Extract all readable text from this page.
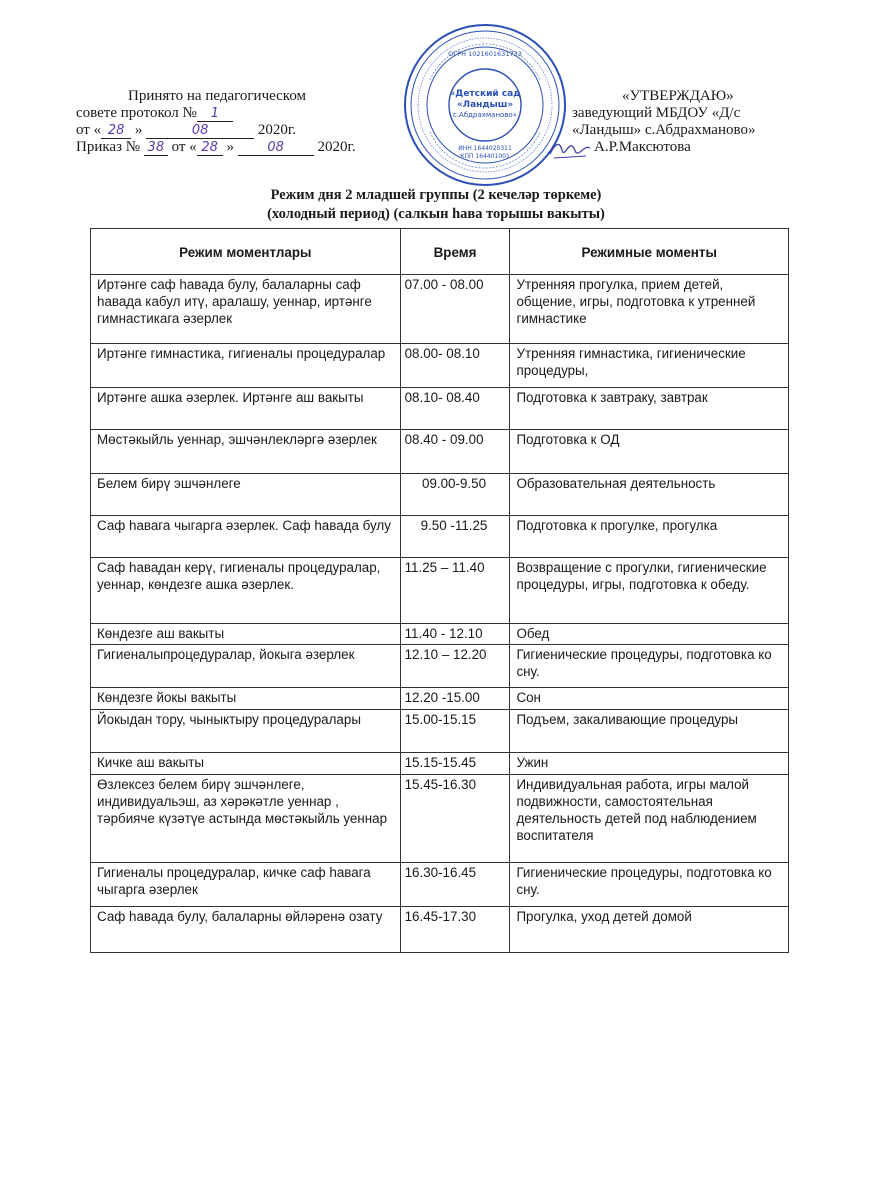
Принято на педагогическом
совете протокол № 1
от « 28 »	08	2020г.
Приказ № 38 от « 28 »	08 2020г.
ОГРН 1021601631733
«Детский сад
«Ландыш»
с.Абдрахманово»
ИНН 1644020311
КПП 164401001
«УТВЕРЖДАЮ»
заведующий МБДОУ «Д/с
«Ландыш» с.Абдрахманово»
А.Р.Максютова
Режим дня 2 младшей группы (2 кечеләр төркеме)
(холодный период) (салкын һава торышы вакыты)
Режим моментлары	Время	Режимные моменты
Иртәнге саф һавада булу, балаларны саф һавада кабул итү, аралашу, уеннар, иртәнге гимнастикага әзерлек	07.00 - 08.00	Утренняя прогулка, прием детей, общение, игры, подготовка к утренней гимнастике
Иртәнге гимнастика, гигиеналы процедуралар	08.00- 08.10	Утренняя гимнастика, гигиенические процедуры,
Иртәнге ашка әзерлек. Иртәнге аш вакыты	08.10- 08.40	Подготовка к завтраку, завтрак
Мөстәкыйль уеннар, эшчәнлекләргә әзерлек	08.40 - 09.00	Подготовка к ОД
Белем бирү эшчәнлеге	09.00-9.50	Образовательная деятельность
Саф һавага чыгарга әзерлек. Саф һавада булу	9.50 -11.25	Подготовка к прогулке, прогулка
Саф һавадан керү, гигиеналы процедуралар, уеннар, көндезге ашка әзерлек.	11.25 – 11.40	Возвращение с прогулки, гигиенические процедуры, игры, подготовка к обеду.
Көндезге аш вакыты	11.40 - 12.10	Обед
Гигиеналыпроцедуралар, йокыга әзерлек	12.10 – 12.20	Гигиенические процедуры, подготовка ко сну.
Көндезге йокы вакыты	12.20 -15.00	Сон
Йокыдан тору, чыныктыру процедуралары	15.00-15.15	Подъем, закаливающие процедуры
Кичке аш вакыты	15.15-15.45	Ужин
Өзлексез белем бирү эшчәнлеге, индивидуальэш, аз хәрәкәтле уеннар , тәрбияче күзәтүе астында мөстәкыйль уеннар	15.45-16.30	Индивидуальная работа, игры малой подвижности, самостоятельная деятельность детей под наблюдением воспитателя
Гигиеналы процедуралар, кичке саф һавага чыгарга әзерлек	16.30-16.45	Гигиенические процедуры, подготовка ко сну.
Саф һавада булу, балаларны өйләренә озату	16.45-17.30	Прогулка, уход детей домой
